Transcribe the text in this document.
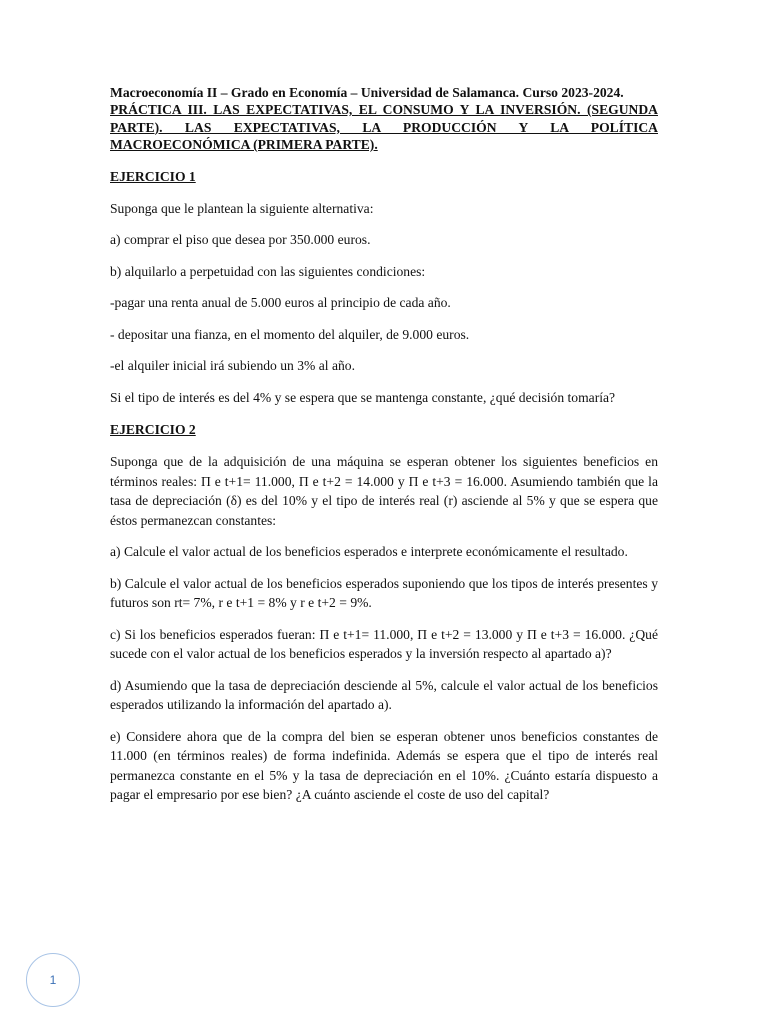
Macroeconomía II – Grado en Economía – Universidad de Salamanca. Curso 2023-2024.

PRÁCTICA III. LAS EXPECTATIVAS, EL CONSUMO Y LA INVERSIÓN. (SEGUNDA PARTE). LAS EXPECTATIVAS, LA PRODUCCIÓN Y LA POLÍTICA MACROECONÓMICA (PRIMERA PARTE).

EJERCICIO 1

Suponga que le plantean la siguiente alternativa:

a) comprar el piso que desea por 350.000 euros.

b) alquilarlo a perpetuidad con las siguientes condiciones:

-pagar una renta anual de 5.000 euros al principio de cada año.

- depositar una fianza, en el momento del alquiler, de 9.000 euros.

-el alquiler inicial irá subiendo un 3% al año.

Si el tipo de interés es del 4% y se espera que se mantenga constante, ¿qué decisión tomaría?

EJERCICIO 2

Suponga que de la adquisición de una máquina se esperan obtener los siguientes beneficios en términos reales: Π e t+1= 11.000, Π e t+2 = 14.000 y Π e t+3 = 16.000. Asumiendo también que la tasa de depreciación (δ) es del 10% y el tipo de interés real (r) asciende al 5% y que se espera que éstos permanezcan constantes:

a) Calcule el valor actual de los beneficios esperados e interprete económicamente el resultado.

b) Calcule el valor actual de los beneficios esperados suponiendo que los tipos de interés presentes y futuros son rt= 7%, r e t+1 = 8% y r e t+2 = 9%.

c) Si los beneficios esperados fueran: Π e t+1= 11.000, Π e t+2 = 13.000 y Π e t+3 = 16.000. ¿Qué sucede con el valor actual de los beneficios esperados y la inversión respecto al apartado a)?

d) Asumiendo que la tasa de depreciación desciende al 5%, calcule el valor actual de los beneficios esperados utilizando la información del apartado a).

e) Considere ahora que de la compra del bien se esperan obtener unos beneficios constantes de 11.000 (en términos reales) de forma indefinida. Además se espera que el tipo de interés real permanezca constante en el 5% y la tasa de depreciación en el 10%. ¿Cuánto estaría dispuesto a pagar el empresario por ese bien? ¿A cuánto asciende el coste de uso del capital?

1
